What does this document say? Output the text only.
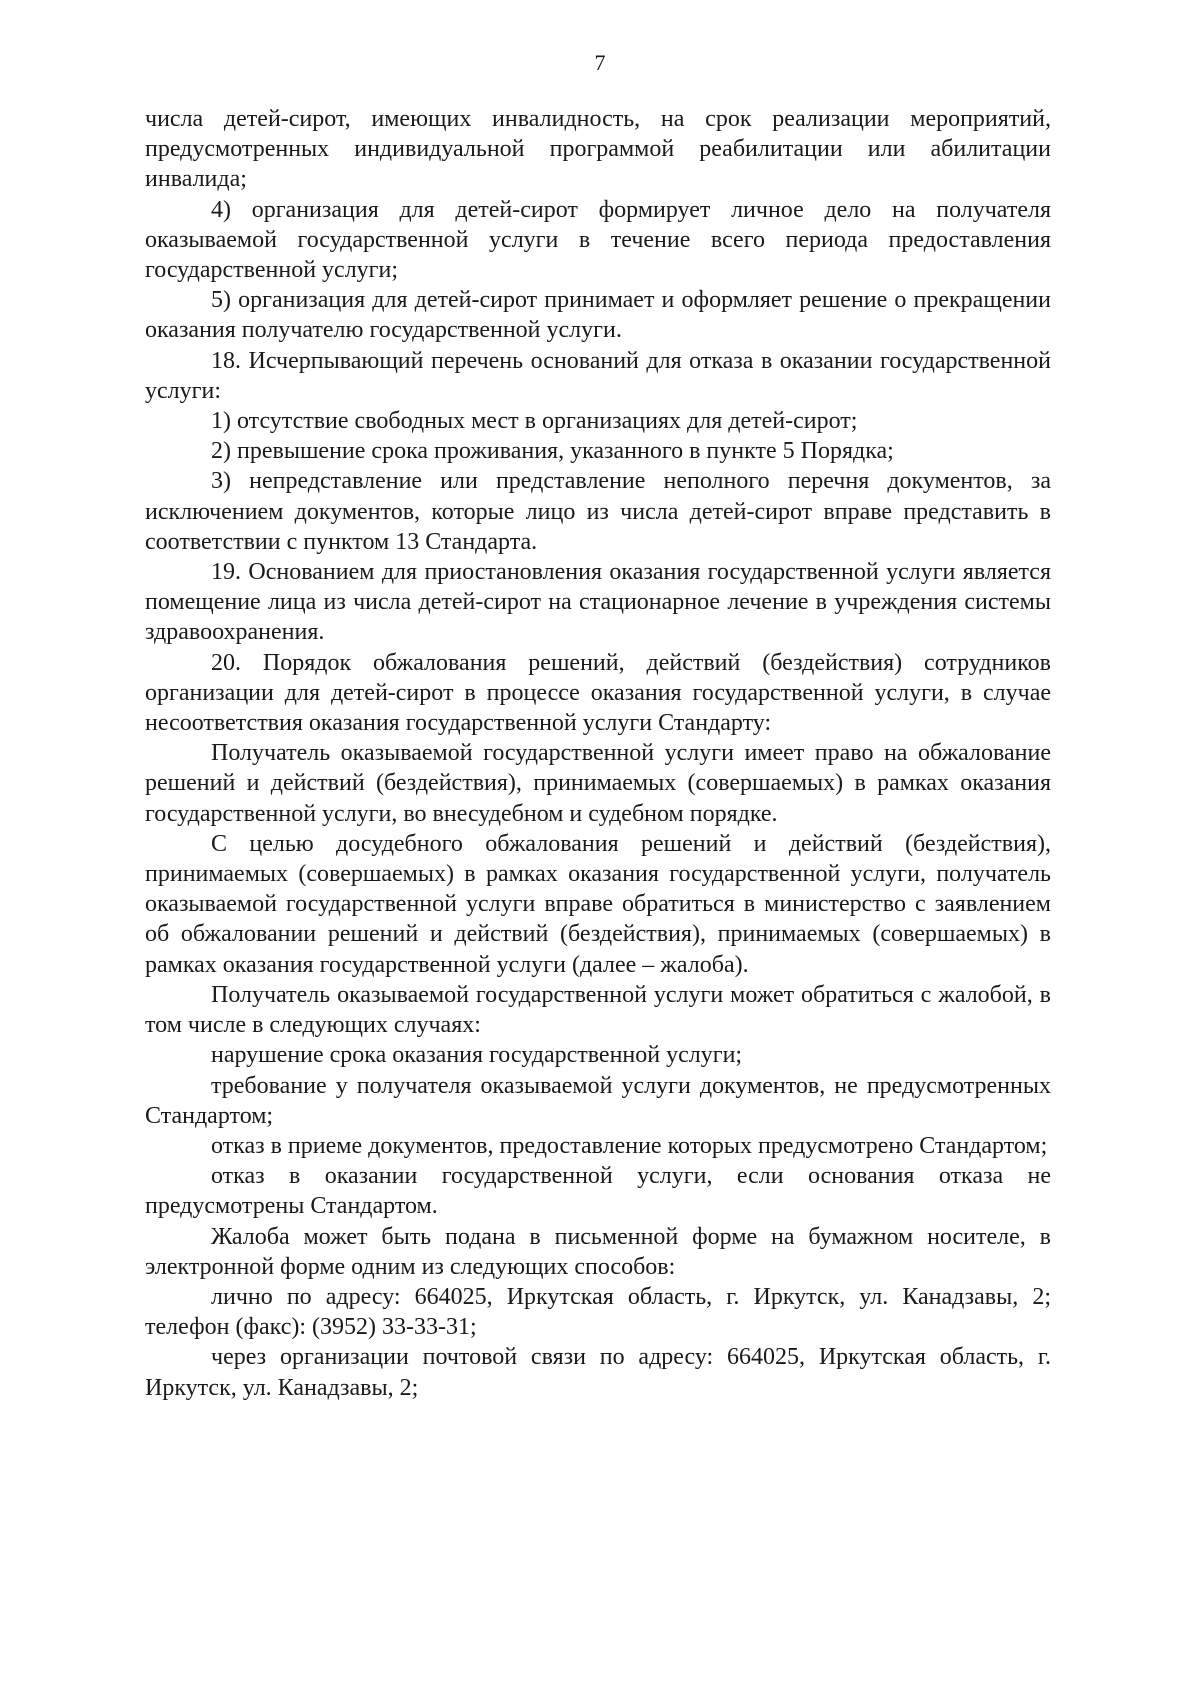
7

числа детей-сирот, имеющих инвалидность, на срок реализации мероприятий, предусмотренных индивидуальной программой реабилитации или абилитации инвалида;

4) организация для детей-сирот формирует личное дело на получателя оказываемой государственной услуги в течение всего периода предоставления государственной услуги;

5) организация для детей-сирот принимает и оформляет решение о прекращении оказания получателю государственной услуги.

18. Исчерпывающий перечень оснований для отказа в оказании государственной услуги:

1) отсутствие свободных мест в организациях для детей-сирот;

2) превышение срока проживания, указанного в пункте 5 Порядка;

3) непредставление или представление неполного перечня документов, за исключением документов, которые лицо из числа детей-сирот вправе представить в соответствии с пунктом 13 Стандарта.

19. Основанием для приостановления оказания государственной услуги является помещение лица из числа детей-сирот на стационарное лечение в учреждения системы здравоохранения.

20. Порядок обжалования решений, действий (бездействия) сотрудников организации для детей-сирот в процессе оказания государственной услуги, в случае несоответствия оказания государственной услуги Стандарту:

Получатель оказываемой государственной услуги имеет право на обжалование решений и действий (бездействия), принимаемых (совершаемых) в рамках оказания государственной услуги, во внесудебном и судебном порядке.

С целью досудебного обжалования решений и действий (бездействия), принимаемых (совершаемых) в рамках оказания государственной услуги, получатель оказываемой государственной услуги вправе обратиться в министерство с заявлением об обжаловании решений и действий (бездействия), принимаемых (совершаемых) в рамках оказания государственной услуги (далее – жалоба).

Получатель оказываемой государственной услуги может обратиться с жалобой, в том числе в следующих случаях:

нарушение срока оказания государственной услуги;

требование у получателя оказываемой услуги документов, не предусмотренных Стандартом;

отказ в приеме документов, предоставление которых предусмотрено Стандартом;

отказ в оказании государственной услуги, если основания отказа не предусмотрены Стандартом.

Жалоба может быть подана в письменной форме на бумажном носителе, в электронной форме одним из следующих способов:

лично по адресу: 664025, Иркутская область, г. Иркутск, ул. Канадзавы, 2; телефон (факс): (3952) 33-33-31;

через организации почтовой связи по адресу: 664025, Иркутская область, г. Иркутск, ул. Канадзавы, 2;
